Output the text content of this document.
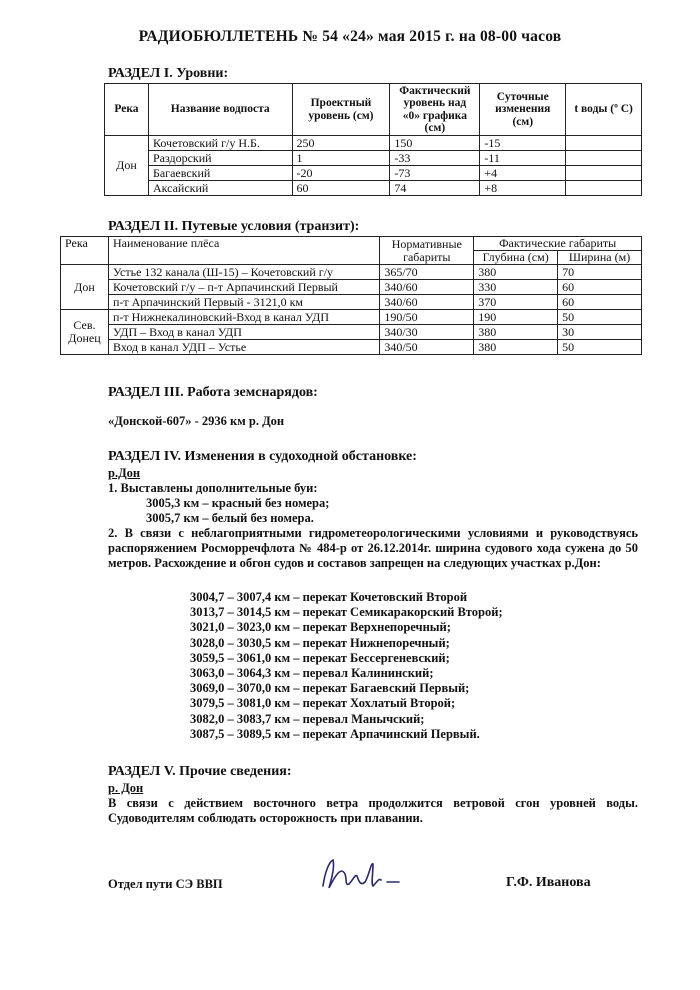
РАДИОБЮЛЛЕТЕНЬ № 54 «24» мая 2015 г. на 08-00 часов
РАЗДЕЛ I. Уровни:
Река	Название водпоста	Проектный уровень (см)	Фактический уровень над «0» графика (см)	Суточные изменения (см)	t воды (º С)
Дон	Кочетовский г/у Н.Б.	250	150	-15	
	Раздорский	1	-33	-11	
	Багаевский	-20	-73	+4	
	Аксайский	60	74	+8	
РАЗДЕЛ II. Путевые условия (транзит):
Река	Наименование плёса	Нормативные габариты	Фактические габариты	
			Глубина (см)	Ширина (м)
Дон	Устье 132 канала (Ш-15) – Кочетовский г/у	365/70	380	70
	Кочетовский г/у – п-т Арпачинский Первый	340/60	330	60
	п-т Арпачинский Первый - 3121,0 км	340/60	370	60

Сев.
Донец	п-т Нижнекалиновский-Вход в канал УДП	190/50	190	50
	УДП – Вход в канал УДП	340/30	380	30
	Вход в канал УДП – Устье	340/50	380	50
РАЗДЕЛ III. Работа земснарядов:
«Донской-607» - 2936 км р. Дон
РАЗДЕЛ IV. Изменения в судоходной обстановке:
р.Дон
1. Выставлены дополнительные буи:
3005,3 км – красный без номера;
3005,7 км – белый без номера.
2. В связи с неблагоприятными гидрометеорологическими условиями и руководствуясь распоряжением Росморречфлота № 484-р от 26.12.2014г. ширина судового хода сужена до 50 метров. Расхождение и обгон судов и составов запрещен на следующих участках р.Дон:
3004,7 – 3007,4 км – перекат Кочетовский Второй
3013,7 – 3014,5 км – перекат Семикаракорский Второй;
3021,0 – 3023,0 км – перекат Верхнепоречный;
3028,0 – 3030,5 км – перекат Нижнепоречный;
3059,5 – 3061,0 км – перекат Бессергеневский;
3063,0 – 3064,3 км – перевал Калининский;
3069,0 – 3070,0 км – перекат Багаевский Первый;
3079,5 – 3081,0 км – перекат Хохлатый Второй;
3082,0 – 3083,7 км – перевал Манычский;
3087,5 – 3089,5 км – перекат Арпачинский Первый.
РАЗДЕЛ V. Прочие сведения:
р. Дон
В связи с действием восточного ветра продолжится ветровой сгон уровней воды. Судоводителям соблюдать осторожность при плавании.
Отдел пути СЭ ВВП	Г.Ф. Иванова
